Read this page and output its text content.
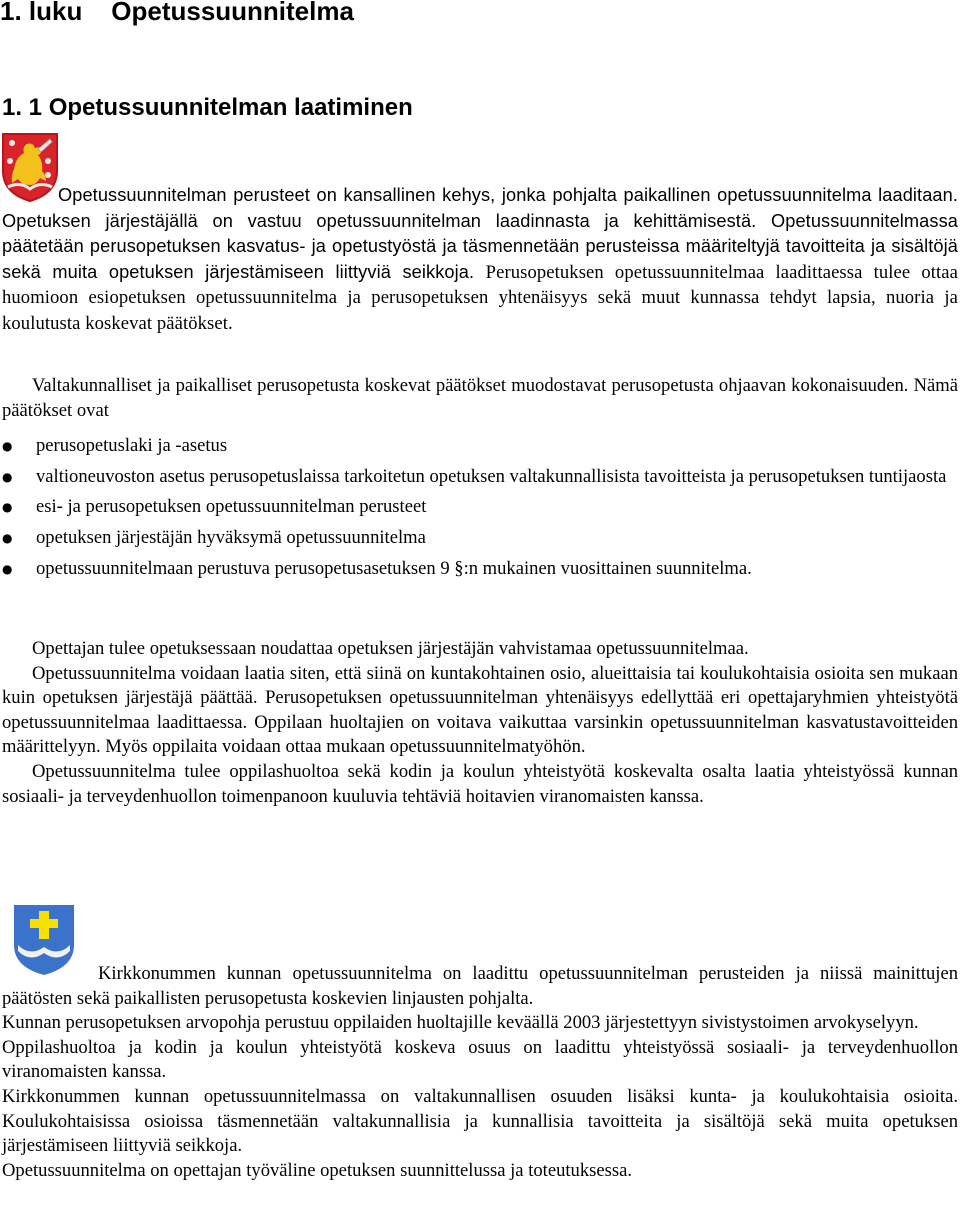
1. luku    Opetussuunnitelma
1. 1 Opetussuunnitelman laatiminen

Opetussuunnitelman perusteet on kansallinen kehys, jonka pohjalta paikallinen opetussuunnitelma laaditaan. Opetuksen järjestäjällä on vastuu opetussuunnitelman laadinnasta ja kehittämisestä. Opetussuunnitelmassa päätetään perusopetuksen kasvatus- ja opetustyöstä ja täsmennetään perusteissa määriteltyjä tavoitteita ja sisältöjä sekä muita opetuksen järjestämiseen liittyviä seikkoja. Perusopetuksen opetussuunnitelmaa laadittaessa tulee ottaa huomioon esiopetuksen opetussuunnitelma ja perusopetuksen yhtenäisyys sekä muut kunnassa tehdyt lapsia, nuoria ja koulutusta koskevat päätökset.

Valtakunnalliset ja paikalliset perusopetusta koskevat päätökset muodostavat perusopetusta ohjaavan kokonaisuuden. Nämä päätökset ovat

● perusopetuslaki ja -asetus
● valtioneuvoston asetus perusopetuslaissa tarkoitetun opetuksen valtakunnallisista tavoitteista ja perusopetuksen tuntijaosta
● esi- ja perusopetuksen opetussuunnitelman perusteet
● opetuksen järjestäjän hyväksymä opetussuunnitelma
● opetussuunnitelmaan perustuva perusopetusasetuksen 9 §:n mukainen vuosittainen suunnitelma.

Opettajan tulee opetuksessaan noudattaa opetuksen järjestäjän vahvistamaa opetussuunnitelmaa.

Opetussuunnitelma voidaan laatia siten, että siinä on kuntakohtainen osio, alueittaisia tai koulukohtaisia osioita sen mukaan kuin opetuksen järjestäjä päättää. Perusopetuksen opetussuunnitelman yhtenäisyys edellyttää eri opettajaryhmien yhteistyötä opetussuunnitelmaa laadittaessa. Oppilaan huoltajien on voitava vaikuttaa varsinkin opetussuunnitelman kasvatustavoitteiden määrittelyyn. Myös oppilaita voidaan ottaa mukaan opetussuunnitelmatyöhön.

Opetussuunnitelma tulee oppilashuoltoa sekä kodin ja koulun yhteistyötä koskevalta osalta laatia yhteistyössä kunnan sosiaali- ja terveydenhuollon toimenpanoon kuuluvia tehtäviä hoitavien viranomaisten kanssa.

Kirkkonummen kunnan opetussuunnitelma on laadittu opetussuunnitelman perusteiden ja niissä mainittujen päätösten sekä paikallisten perusopetusta koskevien linjausten pohjalta.

Kunnan perusopetuksen arvopohja perustuu oppilaiden huoltajille keväällä 2003 järjestettyyn sivistystoimen arvokyselyyn.

Oppilashuoltoa ja kodin ja koulun yhteistyötä koskeva osuus on laadittu yhteistyössä sosiaali- ja terveydenhuollon viranomaisten kanssa.

Kirkkonummen kunnan opetussuunnitelmassa on valtakunnallisen osuuden lisäksi kunta- ja koulukohtaisia osioita. Koulukohtaisissa osioissa täsmennetään valtakunnallisia ja kunnallisia tavoitteita ja sisältöjä sekä muita opetuksen järjestämiseen liittyviä seikkoja.

Opetussuunnitelma on opettajan työväline opetuksen suunnittelussa ja toteutuksessa.
